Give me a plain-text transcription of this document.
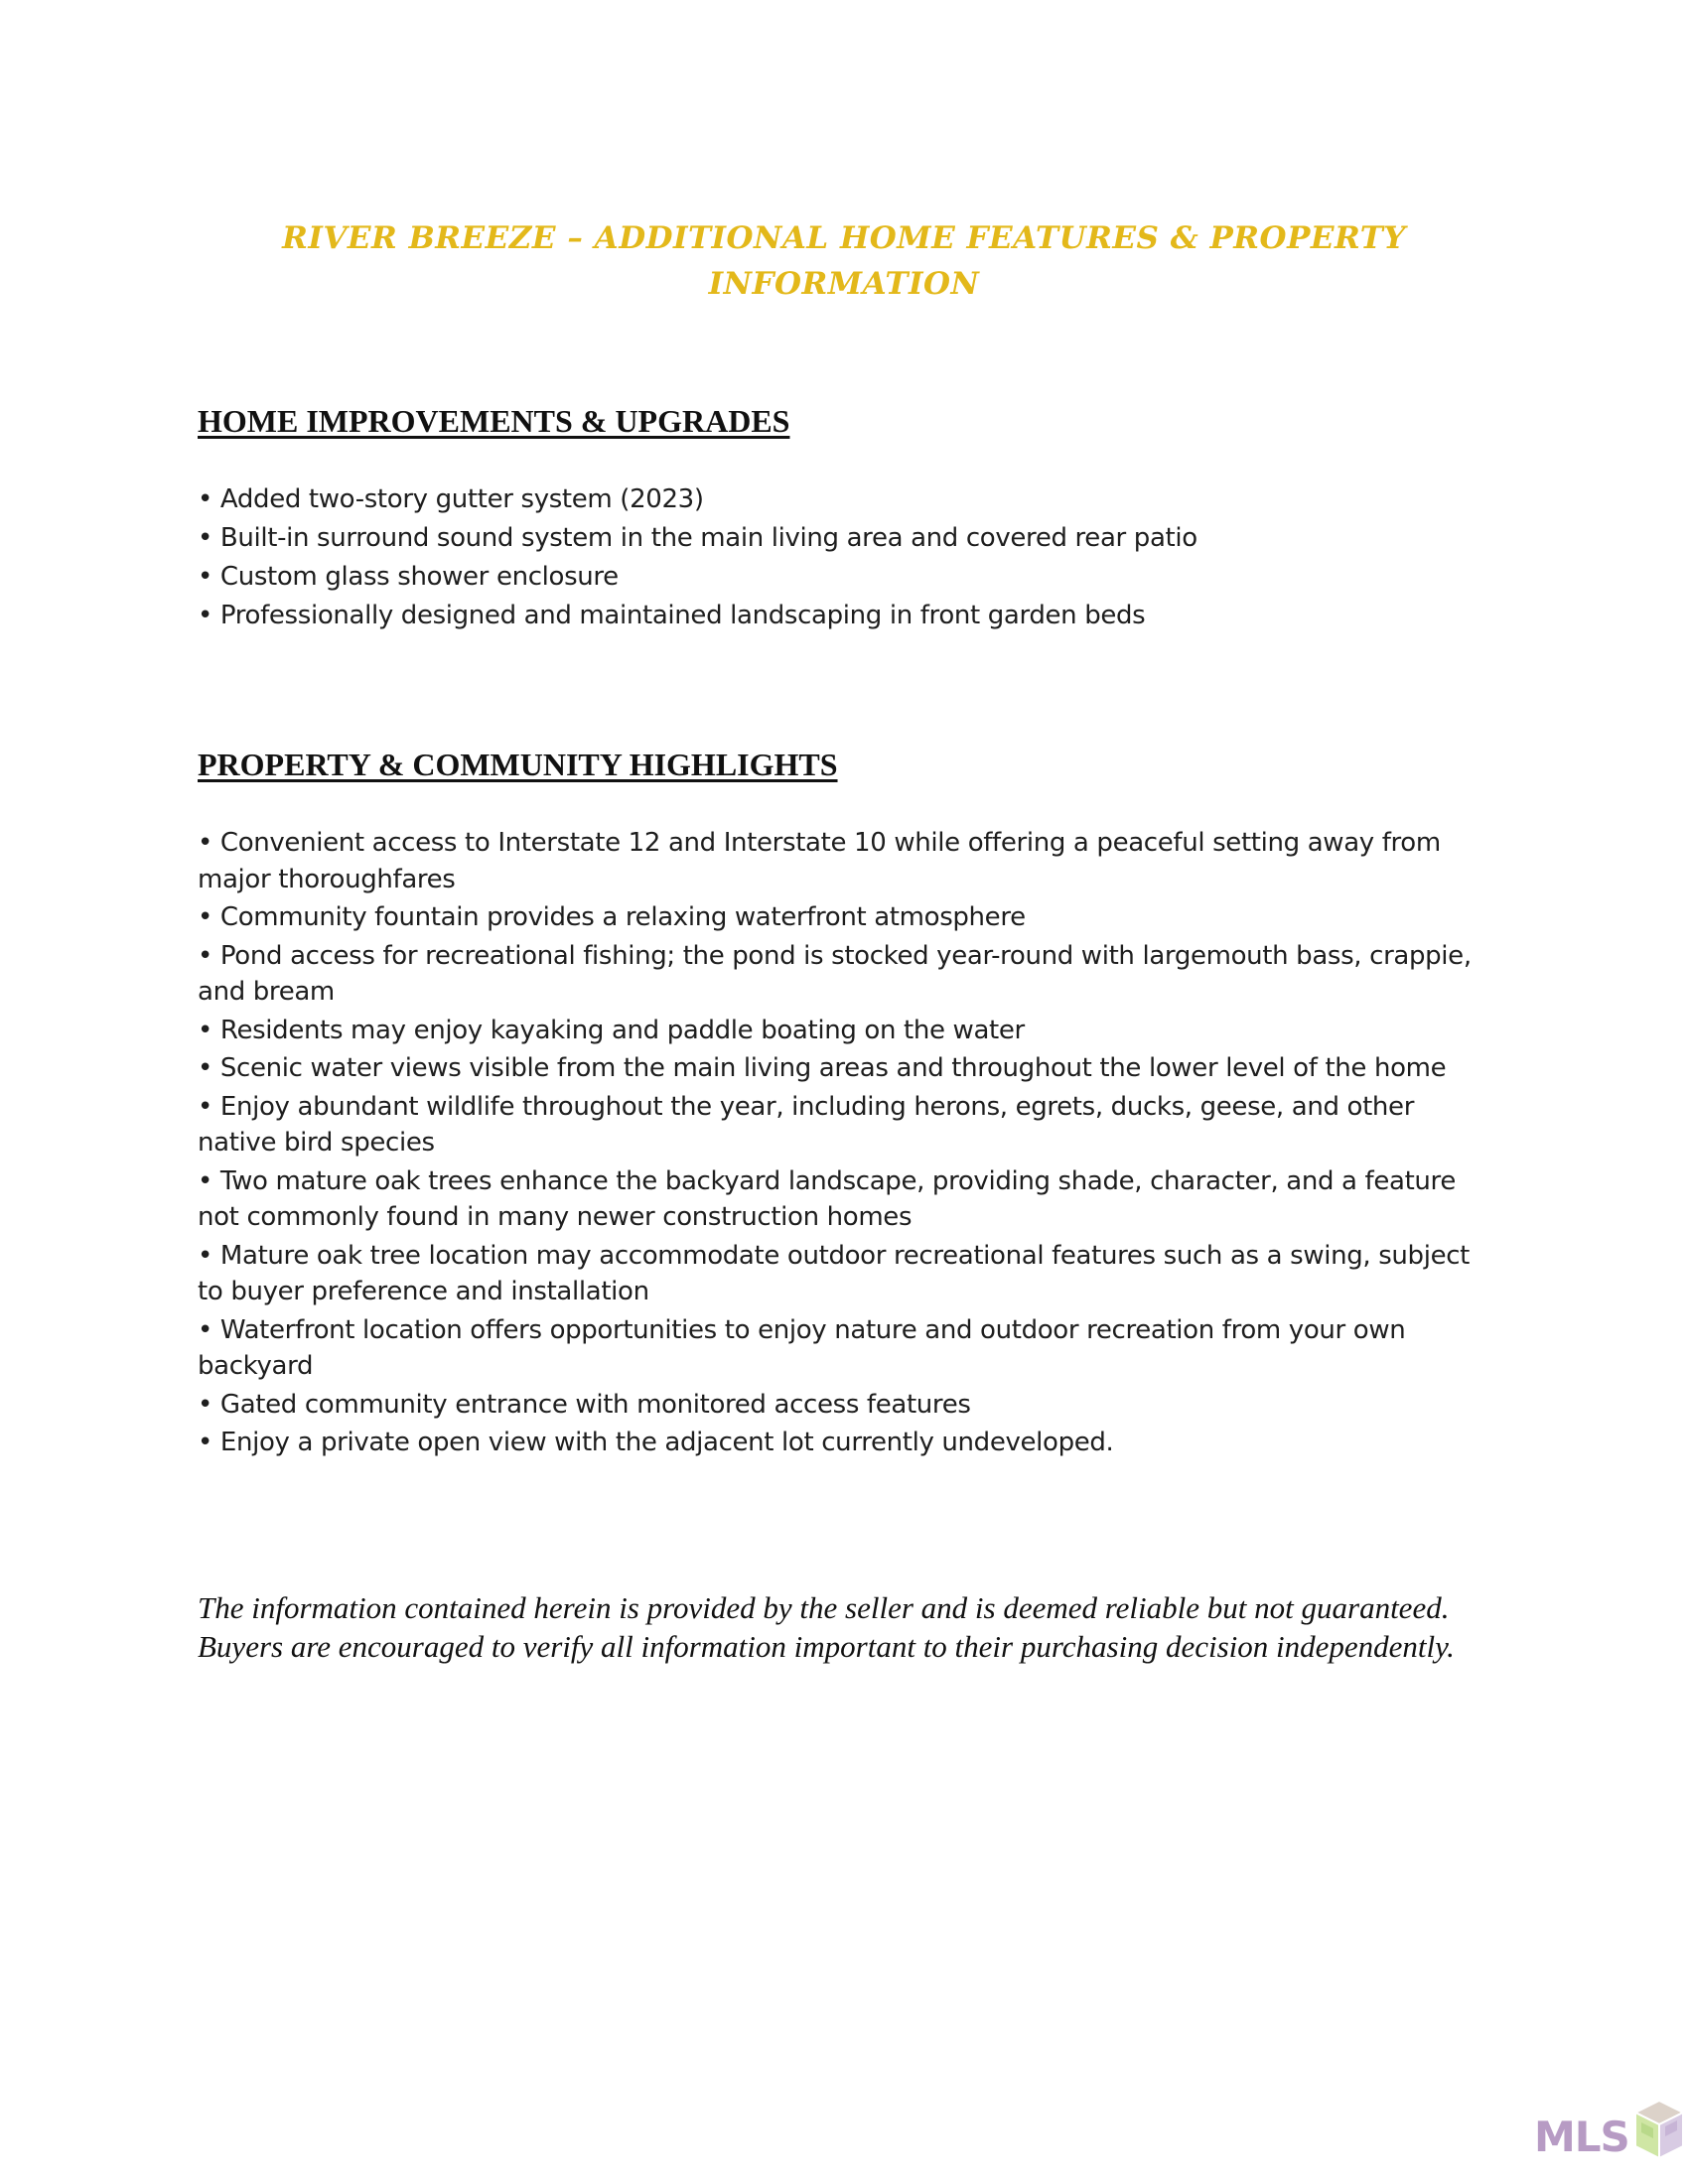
RIVER BREEZE – ADDITIONAL HOME FEATURES & PROPERTY
INFORMATION
HOME IMPROVEMENTS & UPGRADES
• Added two-story gutter system (2023)
• Built-in surround sound system in the main living area and covered rear patio
• Custom glass shower enclosure
• Professionally designed and maintained landscaping in front garden beds
PROPERTY & COMMUNITY HIGHLIGHTS
• Convenient access to Interstate 12 and Interstate 10 while offering a peaceful setting away from major thoroughfares
• Community fountain provides a relaxing waterfront atmosphere
• Pond access for recreational fishing; the pond is stocked year-round with largemouth bass, crappie, and bream
• Residents may enjoy kayaking and paddle boating on the water
• Scenic water views visible from the main living areas and throughout the lower level of the home
• Enjoy abundant wildlife throughout the year, including herons, egrets, ducks, geese, and other native bird species
• Two mature oak trees enhance the backyard landscape, providing shade, character, and a feature not commonly found in many newer construction homes
• Mature oak tree location may accommodate outdoor recreational features such as a swing, subject to buyer preference and installation
• Waterfront location offers opportunities to enjoy nature and outdoor recreation from your own backyard
• Gated community entrance with monitored access features
• Enjoy a private open view with the adjacent lot currently undeveloped.

The information contained herein is provided by the seller and is deemed reliable but not guaranteed.
Buyers are encouraged to verify all information important to their purchasing decision independently.

MLS
